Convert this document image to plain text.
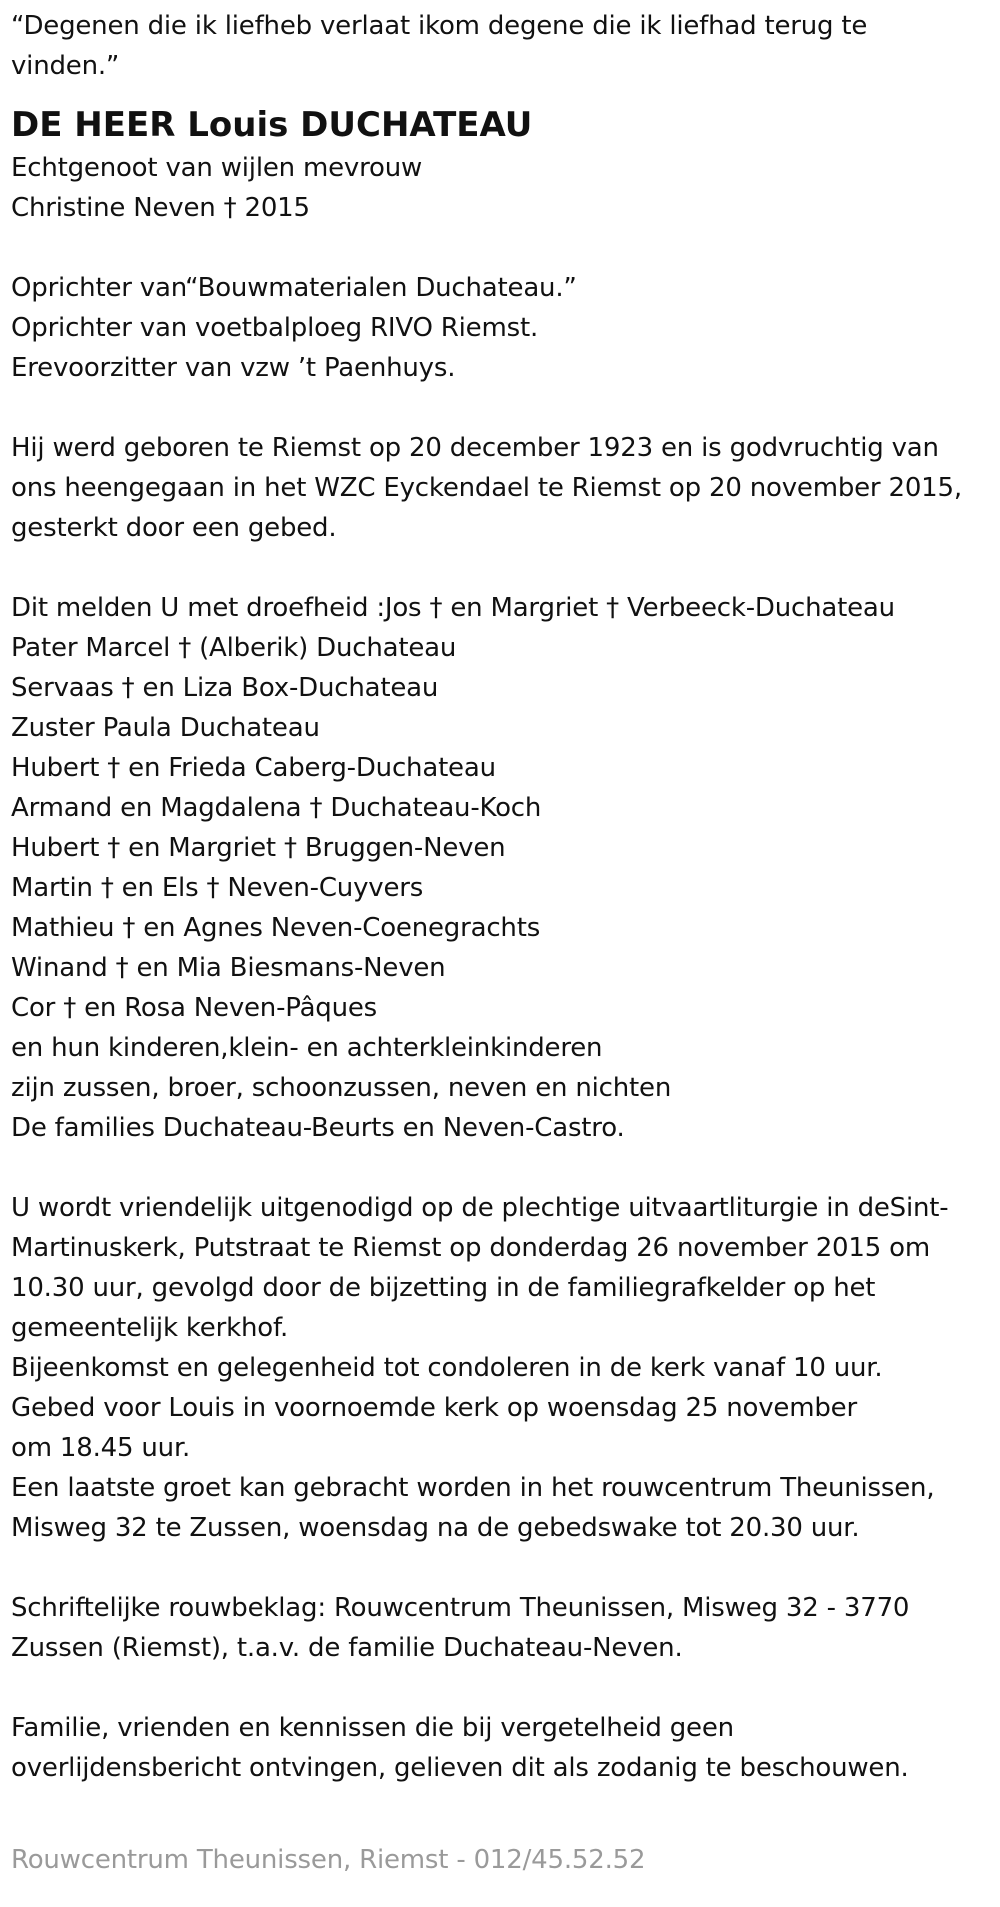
“Degenen die ik liefheb verlaat ikom degene die ik liefhad terug te
vinden.”
DE HEER Louis DUCHATEAU
Echtgenoot van wijlen mevrouw
Christine Neven † 2015
Oprichter van“Bouwmaterialen Duchateau.”
Oprichter van voetbalploeg RIVO Riemst.
Erevoorzitter van vzw ’t Paenhuys.
Hij werd geboren te Riemst op 20 december 1923 en is godvruchtig van
ons heengegaan in het WZC Eyckendael te Riemst op 20 november 2015,
gesterkt door een gebed.
Dit melden U met droefheid :Jos † en Margriet † Verbeeck-Duchateau
Pater Marcel † (Alberik) Duchateau
Servaas † en Liza Box-Duchateau
Zuster Paula Duchateau
Hubert † en Frieda Caberg-Duchateau
Armand en Magdalena † Duchateau-Koch
Hubert † en Margriet † Bruggen-Neven
Martin † en Els † Neven-Cuyvers
Mathieu † en Agnes Neven-Coenegrachts
Winand † en Mia Biesmans-Neven
Cor † en Rosa Neven-Pâques
en hun kinderen,klein- en achterkleinkinderen
zijn zussen, broer, schoonzussen, neven en nichten
De families Duchateau-Beurts en Neven-Castro.
U wordt vriendelijk uitgenodigd op de plechtige uitvaartliturgie in deSint-
Martinuskerk, Putstraat te Riemst op donderdag 26 november 2015 om
10.30 uur, gevolgd door de bijzetting in de familiegrafkelder op het
gemeentelijk kerkhof.
Bijeenkomst en gelegenheid tot condoleren in de kerk vanaf 10 uur.
Gebed voor Louis in voornoemde kerk op woensdag 25 november
om 18.45 uur.
Een laatste groet kan gebracht worden in het rouwcentrum Theunissen,
Misweg 32 te Zussen, woensdag na de gebedswake tot 20.30 uur.
Schriftelijke rouwbeklag: Rouwcentrum Theunissen, Misweg 32 - 3770
Zussen (Riemst), t.a.v. de familie Duchateau-Neven.
Familie, vrienden en kennissen die bij vergetelheid geen
overlijdensbericht ontvingen, gelieven dit als zodanig te beschouwen.
Rouwcentrum Theunissen, Riemst - 012/45.52.52
